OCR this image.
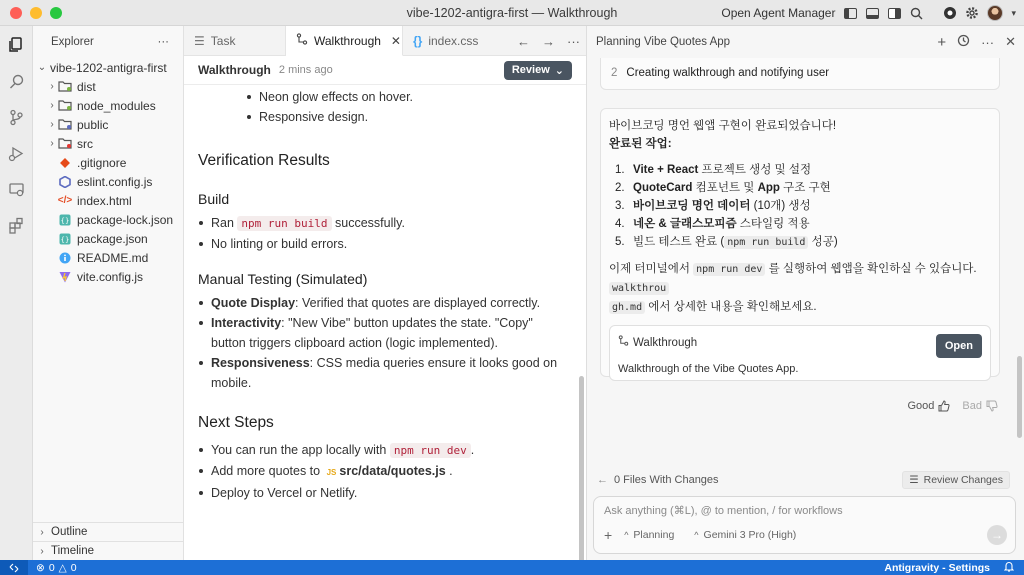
vibe-1202-antigra-first — Walkthrough	Open Agent Manager	▾
Explorer	···
⌄ vibe-1202-antigra-first
› dist
› node_modules
› public
› src
.gitignore
eslint.config.js
</> index.html
{} package-lock.json
{} package.json
README.md
vite.config.js
› Outline
› Timeline
☰ Task	Walkthrough ✕ {} index.css	← → ···
Walkthrough 2 mins ago	Review ⌄
Neon glow effects on hover.
Responsive design.
Verification Results
Build
Ran npm run build successfully.
No linting or build errors.
Manual Testing (Simulated)
Quote Display: Verified that quotes are displayed correctly.
Interactivity: "New Vibe" button updates the state. "Copy" button triggers clipboard action (logic implemented).
Responsiveness: CSS media queries ensure it looks good on mobile.
Next Steps
You can run the app locally with npm run dev .
Add more quotes to JS src/data/quotes.js .
Deploy to Vercel or Netlify.
Planning Vibe Quotes App	+	··· ✕
2 Creating walkthrough and notifying user
바이브코딩 명언 웹앱 구현이 완료되었습니다!
완료된 작업:
1. Vite + React 프로젝트 생성 및 설정
2. QuoteCard 컴포넌트 및 App 구조 구현
3. 바이브코딩 명언 데이터 (10개) 생성
4. 네온 & 글래스모피즘 스타일링 적용
5. 빌드 테스트 완료 ( npm run build 성공)
이제 터미널에서 npm run dev 를 실행하여 웹앱을 확인하실 수 있습니다. walkthrou
gh.md 에서 상세한 내용을 확인해보세요.
Walkthrough	Open
Walkthrough of the Vibe Quotes App.
Good	Bad
← 0 Files With Changes	☰ Review Changes
Ask anything (⌘L), @ to mention, / for workflows
+ ^ Planning ^ Gemini 3 Pro (High)	→
⊗ 0 △ 0	Antigravity - Settings
